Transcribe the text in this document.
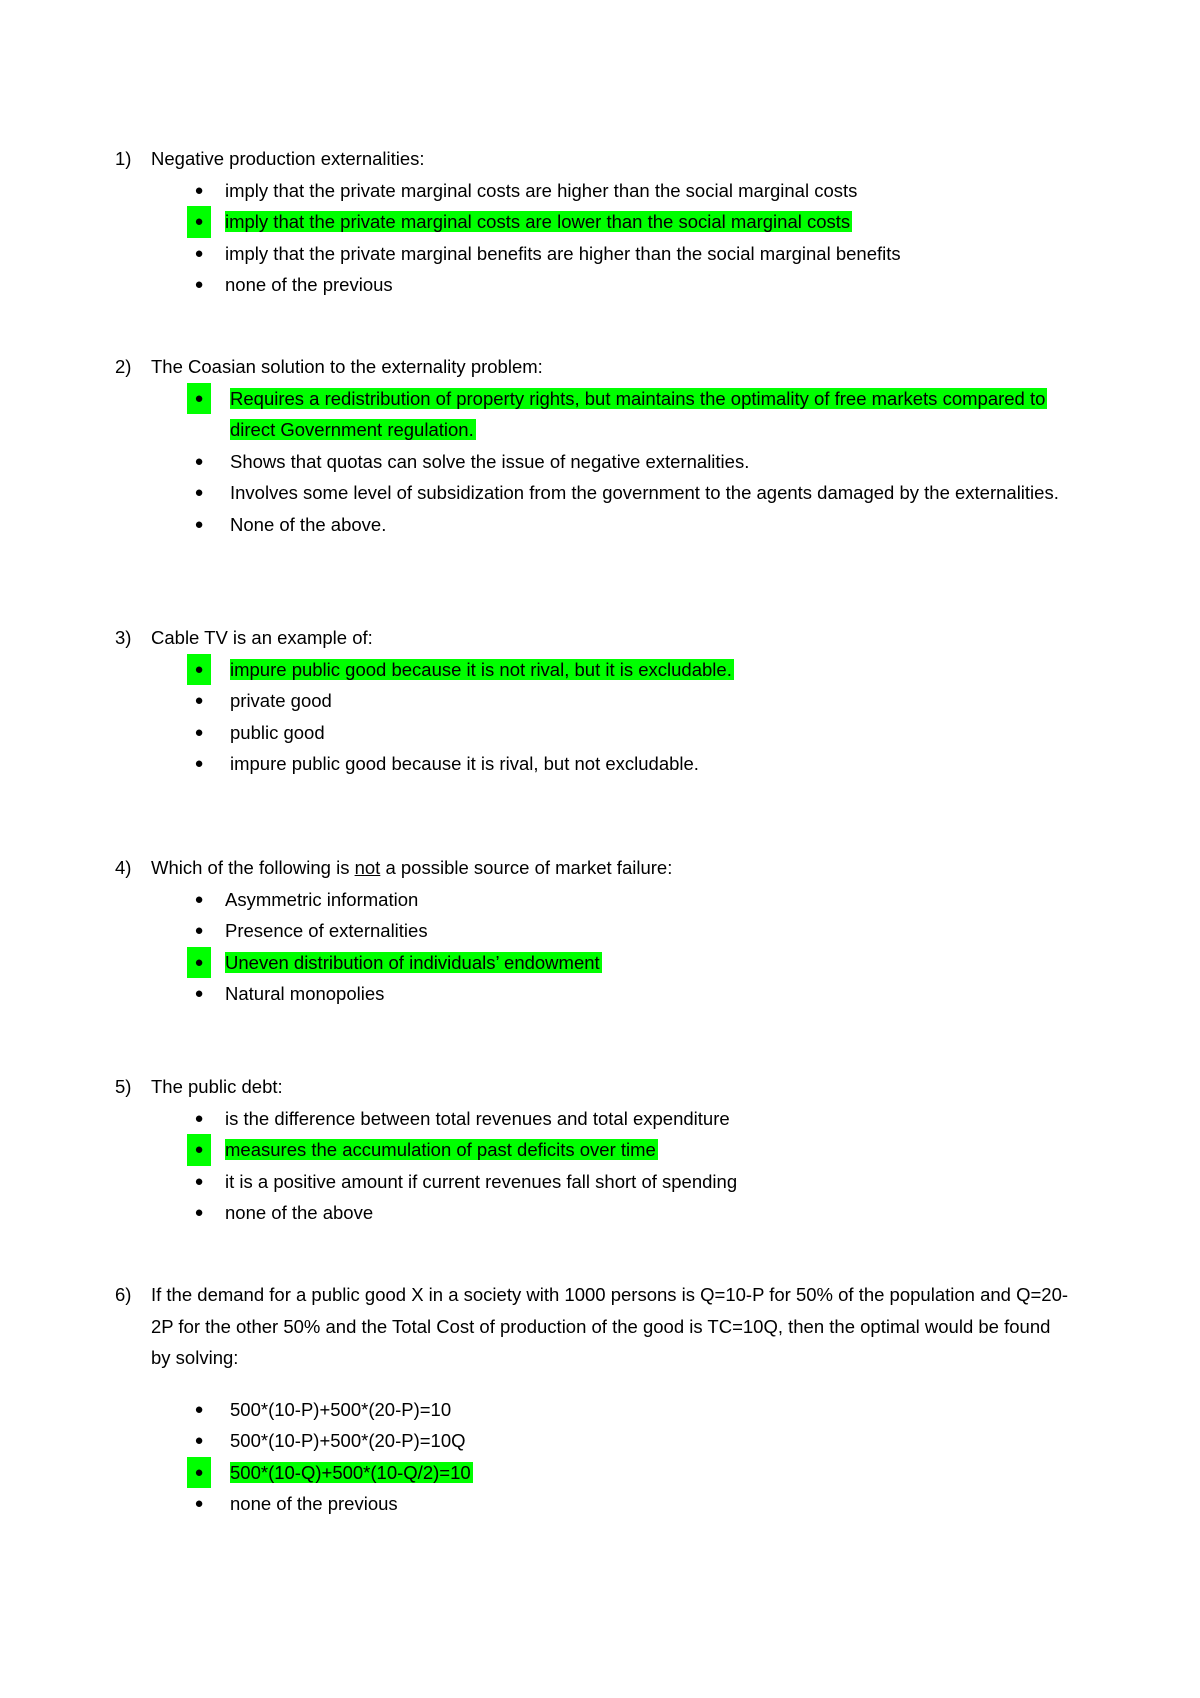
1) Negative production externalities:
●	imply that the private marginal costs are higher than the social marginal costs
●	imply that the private marginal costs are lower than the social marginal costs
●	imply that the private marginal benefits are higher than the social marginal benefits
●	none of the previous
2) The Coasian solution to the externality problem:
●	Requires a redistribution of property rights, but maintains the optimality of free markets compared to direct Government regulation.
●	Shows that quotas can solve the issue of negative externalities.
●	Involves some level of subsidization from the government to the agents damaged by the externalities.
●	None of the above.
3) Cable TV is an example of:
●	impure public good because it is not rival, but it is excludable.
●	private good
●	public good
●	impure public good because it is rival, but not excludable.
4) Which of the following is not a possible source of market failure:
●	Asymmetric information
●	Presence of externalities
●	Uneven distribution of individuals’ endowment
●	Natural monopolies
5) The public debt:
●	is the difference between total revenues and total expenditure
●	measures the accumulation of past deficits over time
●	it is a positive amount if current revenues fall short of spending
●	none of the above
6) If the demand for a public good X in a society with 1000 persons is Q=10-P for 50% of the population and Q=20-2P for the other 50% and the Total Cost of production of the good is TC=10Q, then the optimal would be found by solving:
●	500*(10-P)+500*(20-P)=10
●	500*(10-P)+500*(20-P)=10Q
●	500*(10-Q)+500*(10-Q/2)=10
●	none of the previous
